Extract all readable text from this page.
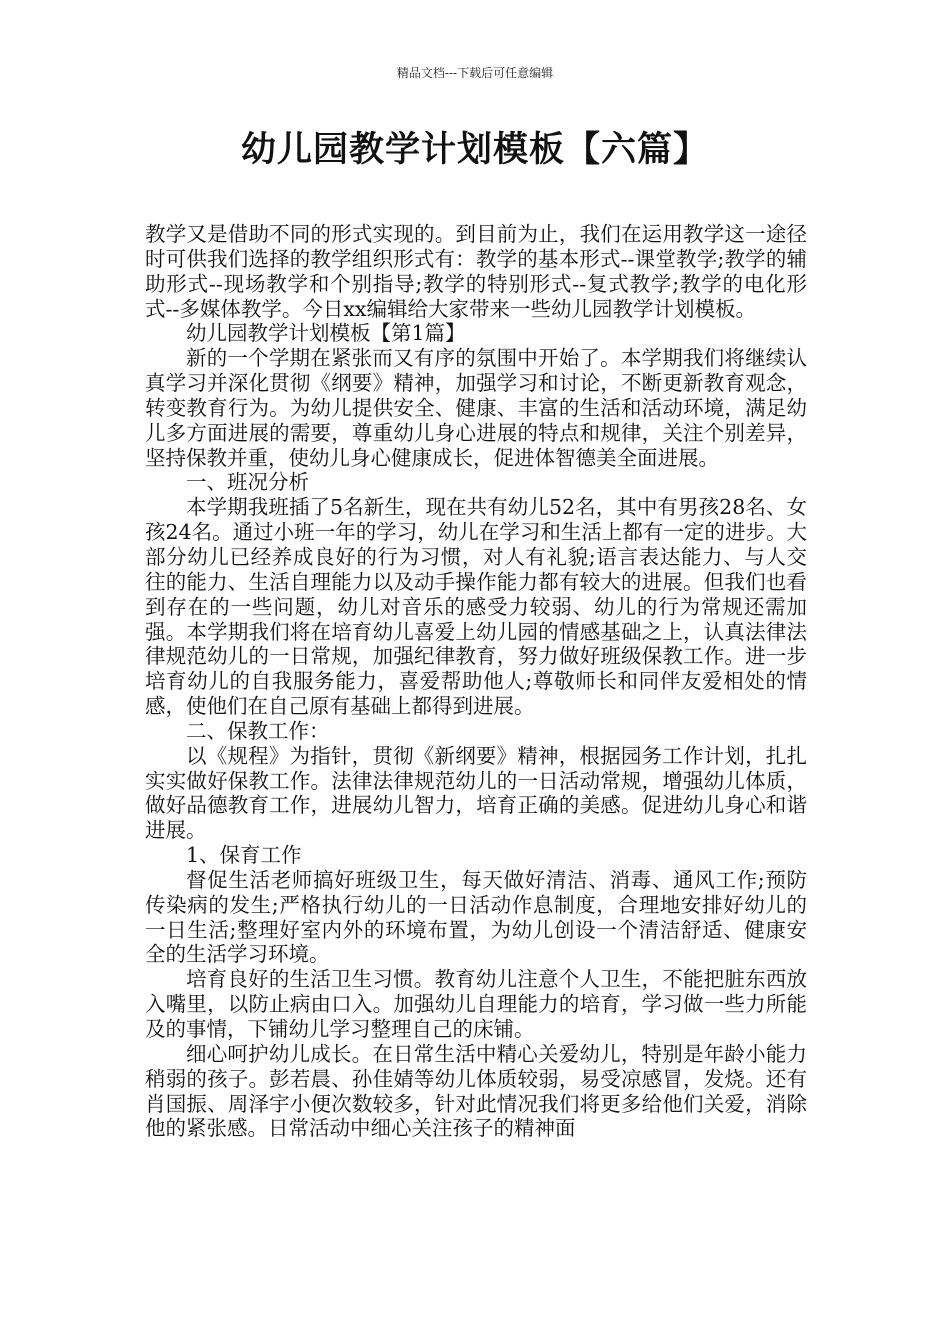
精品文档---下载后可任意编辑
幼儿园教学计划模板【六篇】

教学又是借助不同的形式实现的。到目前为止，我们在运用教学这一途径时可供我们选择的教学组织形式有：教学的基本形式--课堂教学;教学的辅助形式--现场教学和个别指导;教学的特别形式--复式教学;教学的电化形式--多媒体教学。今日xx编辑给大家带来一些幼儿园教学计划模板。

幼儿园教学计划模板【第1篇】

新的一个学期在紧张而又有序的氛围中开始了。本学期我们将继续认真学习并深化贯彻《纲要》精神，加强学习和讨论，不断更新教育观念，转变教育行为。为幼儿提供安全、健康、丰富的生活和活动环境，满足幼儿多方面进展的需要，尊重幼儿身心进展的特点和规律，关注个别差异，坚持保教并重，使幼儿身心健康成长，促进体智德美全面进展。

一、班况分析

本学期我班插了5名新生，现在共有幼儿52名，其中有男孩28名、女孩24名。通过小班一年的学习，幼儿在学习和生活上都有一定的进步。大部分幼儿已经养成良好的行为习惯，对人有礼貌;语言表达能力、与人交往的能力、生活自理能力以及动手操作能力都有较大的进展。但我们也看到存在的一些问题，幼儿对音乐的感受力较弱、幼儿的行为常规还需加强。本学期我们将在培育幼儿喜爱上幼儿园的情感基础之上，认真法律法律规范幼儿的一日常规，加强纪律教育，努力做好班级保教工作。进一步培育幼儿的自我服务能力，喜爱帮助他人;尊敬师长和同伴友爱相处的情感，使他们在自己原有基础上都得到进展。

二、保教工作：

以《规程》为指针，贯彻《新纲要》精神，根据园务工作计划，扎扎实实做好保教工作。法律法律规范幼儿的一日活动常规，增强幼儿体质，做好品德教育工作，进展幼儿智力，培育正确的美感。促进幼儿身心和谐进展。

1、保育工作

督促生活老师搞好班级卫生，每天做好清洁、消毒、通风工作;预防传染病的发生;严格执行幼儿的一日活动作息制度，合理地安排好幼儿的一日生活;整理好室内外的环境布置，为幼儿创设一个清洁舒适、健康安全的生活学习环境。

培育良好的生活卫生习惯。教育幼儿注意个人卫生，不能把脏东西放入嘴里，以防止病由口入。加强幼儿自理能力的培育，学习做一些力所能及的事情，下铺幼儿学习整理自己的床铺。

细心呵护幼儿成长。在日常生活中精心关爱幼儿，特别是年龄小能力稍弱的孩子。彭若晨、孙佳婧等幼儿体质较弱，易受凉感冒，发烧。还有肖国振、周泽宇小便次数较多，针对此情况我们将更多给他们关爱，消除他的紧张感。日常活动中细心关注孩子的精神面
